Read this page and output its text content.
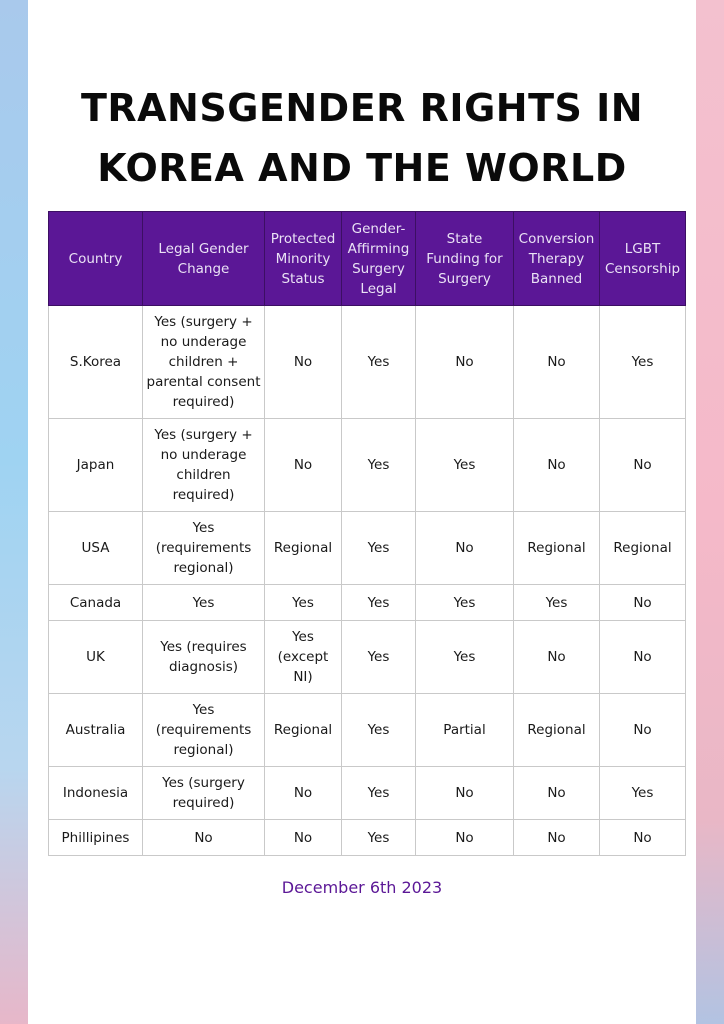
TRANSGENDER RIGHTS IN
KOREA AND THE WORLD
Country	Legal Gender Change	Protected Minority Status	Gender-Affirming Surgery Legal	State Funding for Surgery	Conversion Therapy Banned	LGBT Censorship
S.Korea	Yes (surgery + no underage children + parental consent required)	No	Yes	No	No	Yes
Japan	Yes (surgery + no underage children required)	No	Yes	Yes	No	No
USA	Yes (requirements regional)	Regional	Yes	No	Regional	Regional
Canada	Yes	Yes	Yes	Yes	Yes	No
UK	Yes (requires diagnosis)	Yes (except NI)	Yes	Yes	No	No
Australia	Yes (requirements regional)	Regional	Yes	Partial	Regional	No
Indonesia	Yes (surgery required)	No	Yes	No	No	Yes
Phillipines	No	No	Yes	No	No	No
December 6th 2023
